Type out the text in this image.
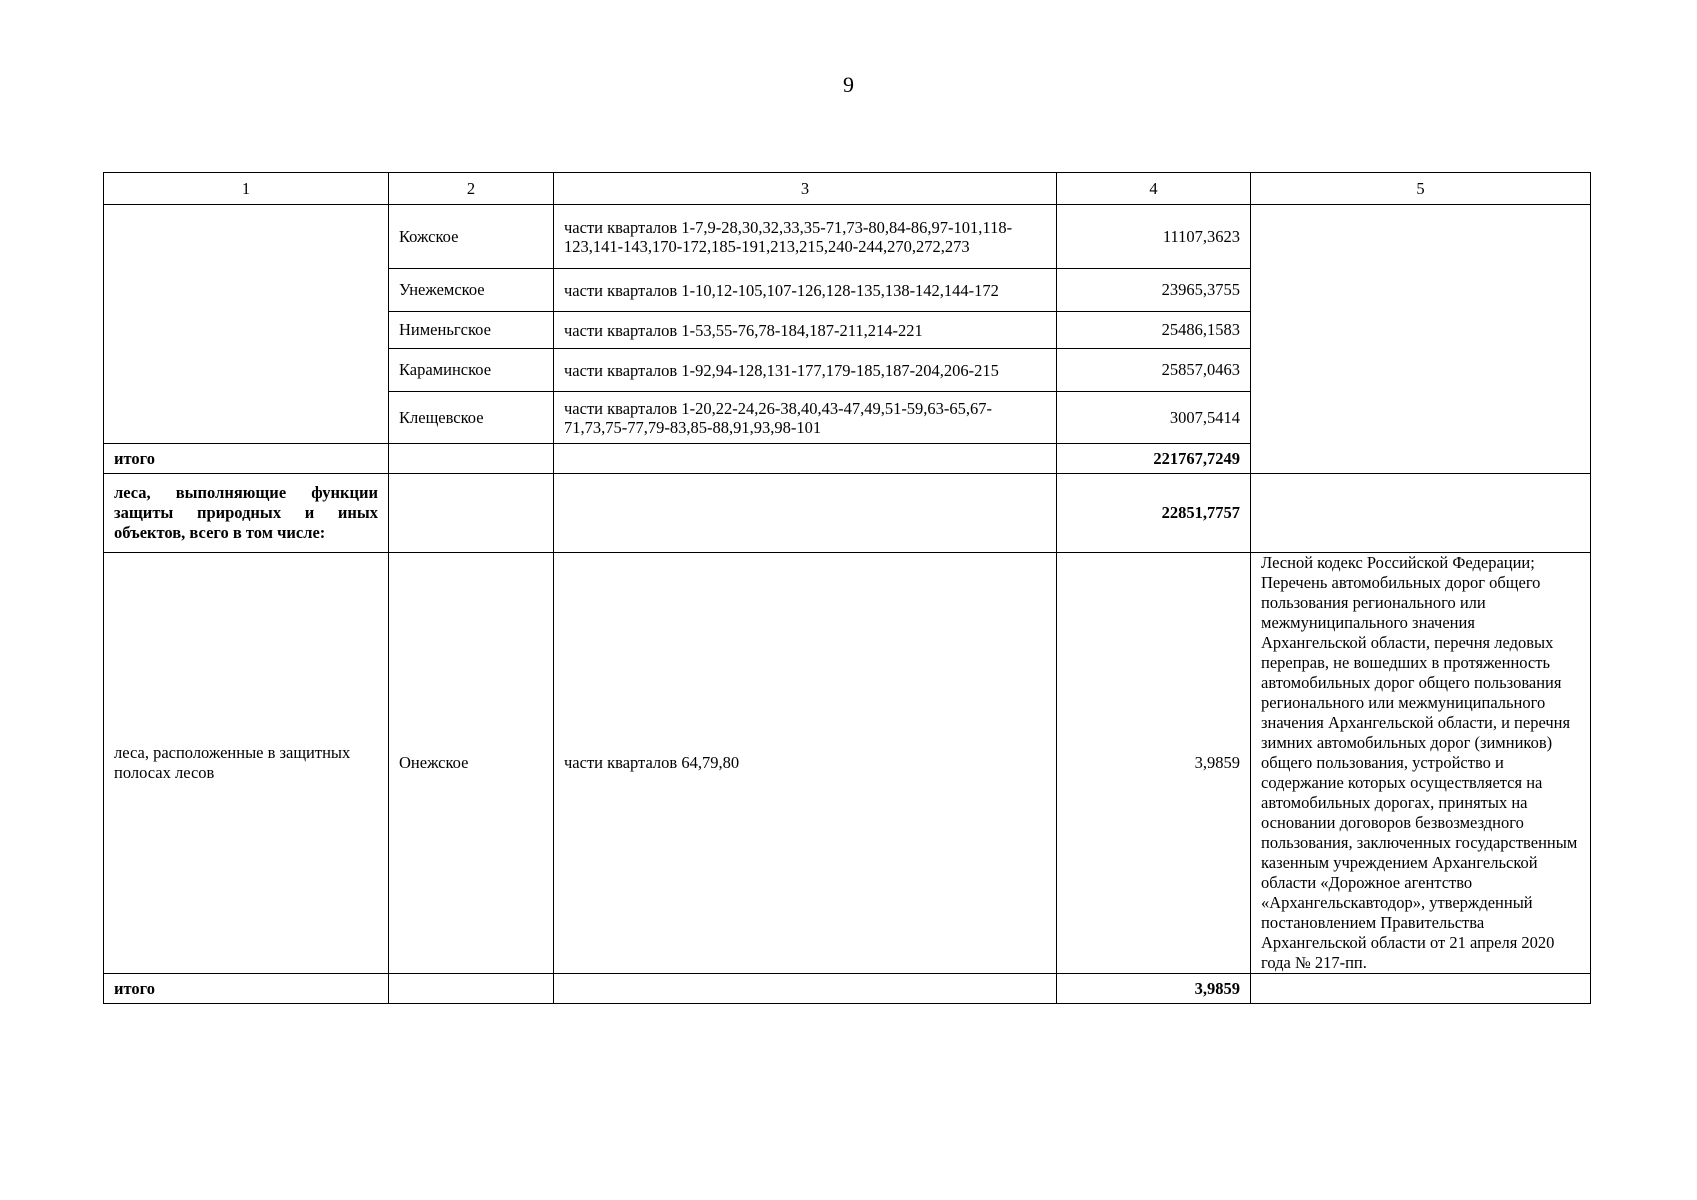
9
1	2	3	4	5
	Кожское	части кварталов 1-7,9-28,30,32,33,35-71,73-80,84-86,97-101,118-123,141-143,170-172,185-191,213,215,240-244,270,272,273	11107,3623	
	Унежемское	части кварталов 1-10,12-105,107-126,128-135,138-142,144-172	23965,3755	
	Нименьгское	части кварталов 1-53,55-76,78-184,187-211,214-221	25486,1583	
	Караминское	части кварталов 1-92,94-128,131-177,179-185,187-204,206-215	25857,0463	
	Клещевское	части кварталов 1-20,22-24,26-38,40,43-47,49,51-59,63-65,67-71,73,75-77,79-83,85-88,91,93,98-101	3007,5414	
итого			221767,7249	
леса, выполняющие функции защиты природных и иных объектов, всего в том числе:			22851,7757	
леса, расположенные в защитных полосах лесов	Онежское	части кварталов 64,79,80	3,9859	Лесной кодекс Российской Федерации; Перечень автомобильных дорог общего пользования регионального или межмуниципального значения Архангельской области, перечня ледовых переправ, не вошедших в протяженность автомобильных дорог общего пользования регионального или межмуниципального значения Архангельской области, и перечня зимних автомобильных дорог (зимников) общего пользования, устройство и содержание которых осуществляется на автомобильных дорогах, принятых на основании договоров безвозмездного пользования, заключенных государственным казенным учреждением Архангельской области «Дорожное агентство «Архангельскавтодор», утвержденный постановлением Правительства Архангельской области от 21 апреля 2020 года № 217-пп.
итого			3,9859	
